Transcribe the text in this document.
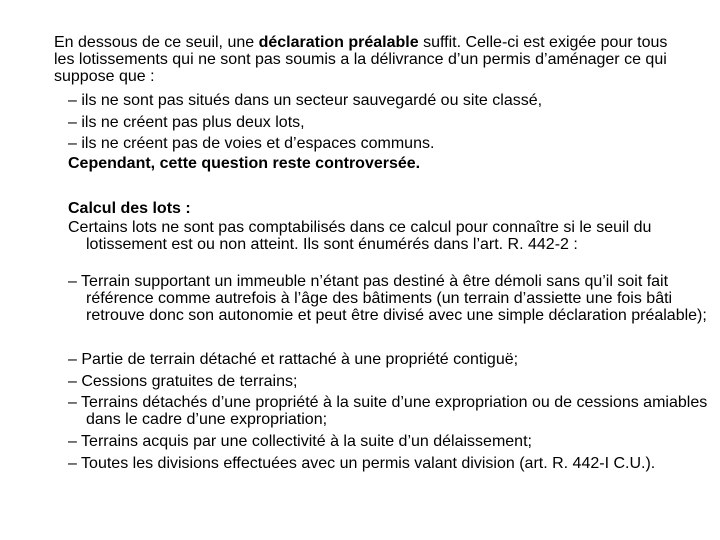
En dessous de ce seuil, une déclaration préalable suffit. Celle-ci est exigée pour tous les lotissements qui ne sont pas soumis a la délivrance d’un permis d’aménager ce qui suppose que :

– ils ne sont pas situés dans un secteur sauvegardé ou site classé,
– ils ne créent pas plus deux lots,
– ils ne créent pas de voies et d’espaces communs.
Cependant, cette question reste controversée.
Calcul des lots :
Certains lots ne sont pas comptabilisés dans ce calcul pour connaître si le seuil du lotissement est ou non atteint. Ils sont énumérés dans l’art. R. 442-2 :
– Terrain supportant un immeuble n’étant pas destiné à être démoli sans qu’il soit fait référence comme autrefois à l’âge des bâtiments (un terrain d’assiette une fois bâti retrouve donc son autonomie et peut être divisé avec une simple déclaration préalable);
– Partie de terrain détaché et rattaché à une propriété contiguë;
– Cessions gratuites de terrains;
– Terrains détachés d’une propriété à la suite d’une expropriation ou de cessions amiables dans le cadre d’une expropriation;
– Terrains acquis par une collectivité à la suite d’un délaissement;
– Toutes les divisions effectuées avec un permis valant division (art. R. 442-I C.U.).
